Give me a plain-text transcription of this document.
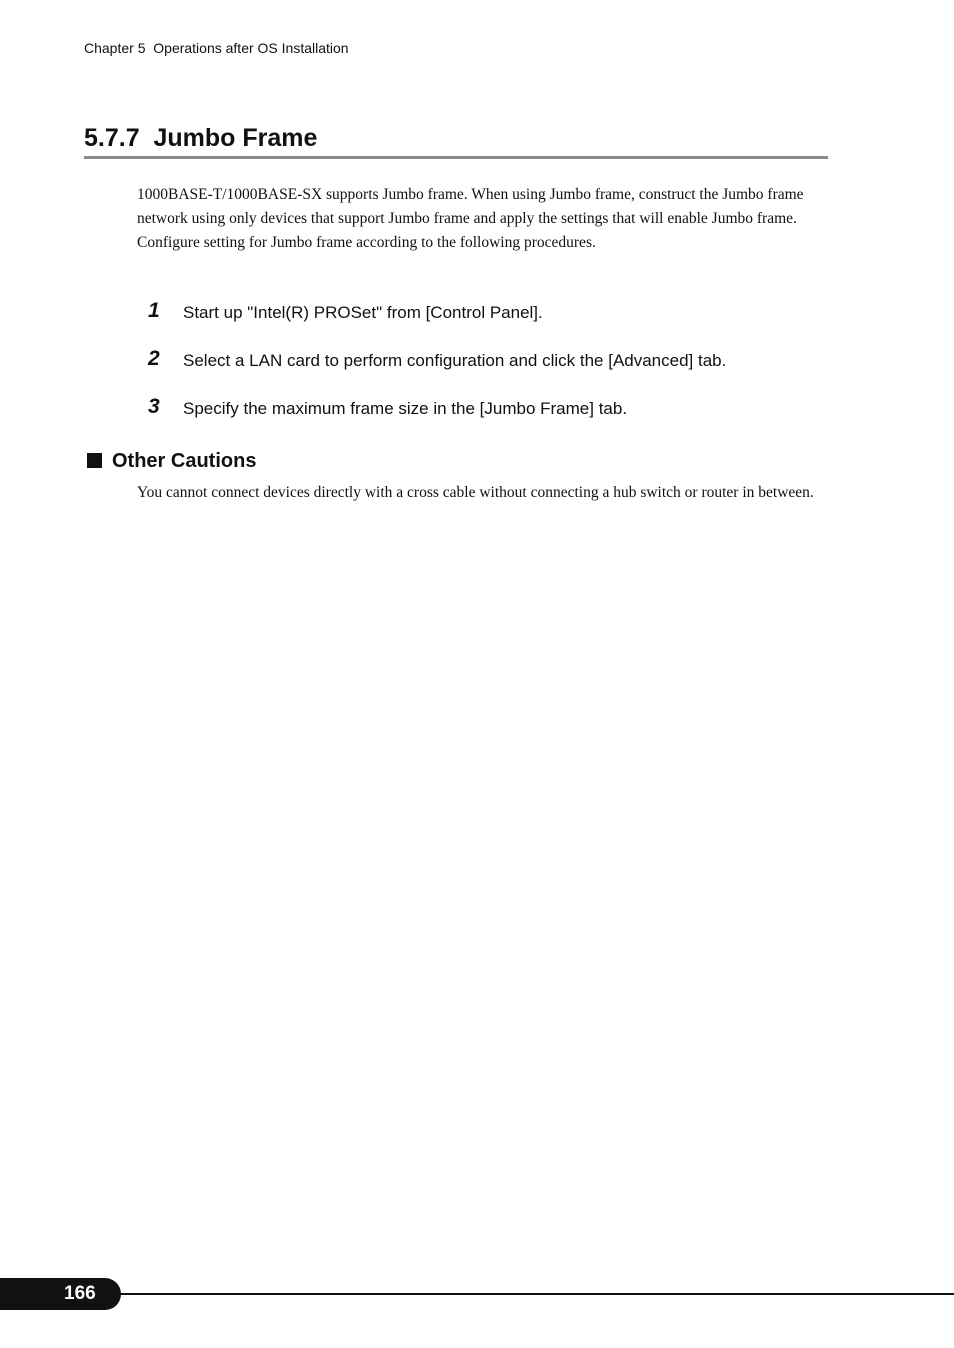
Chapter 5  Operations after OS Installation
5.7.7  Jumbo Frame

1000BASE-T/1000BASE-SX supports Jumbo frame. When using Jumbo frame, construct the Jumbo frame network using only devices that support Jumbo frame and apply the settings that will enable Jumbo frame.

Configure setting for Jumbo frame according to the following procedures.

1 Start up "Intel(R) PROSet" from [Control Panel].
2 Select a LAN card to perform configuration and click the [Advanced] tab.
3 Specify the maximum frame size in the [Jumbo Frame] tab.
Other Cautions

You cannot connect devices directly with a cross cable without connecting a hub switch or router in between.

166
